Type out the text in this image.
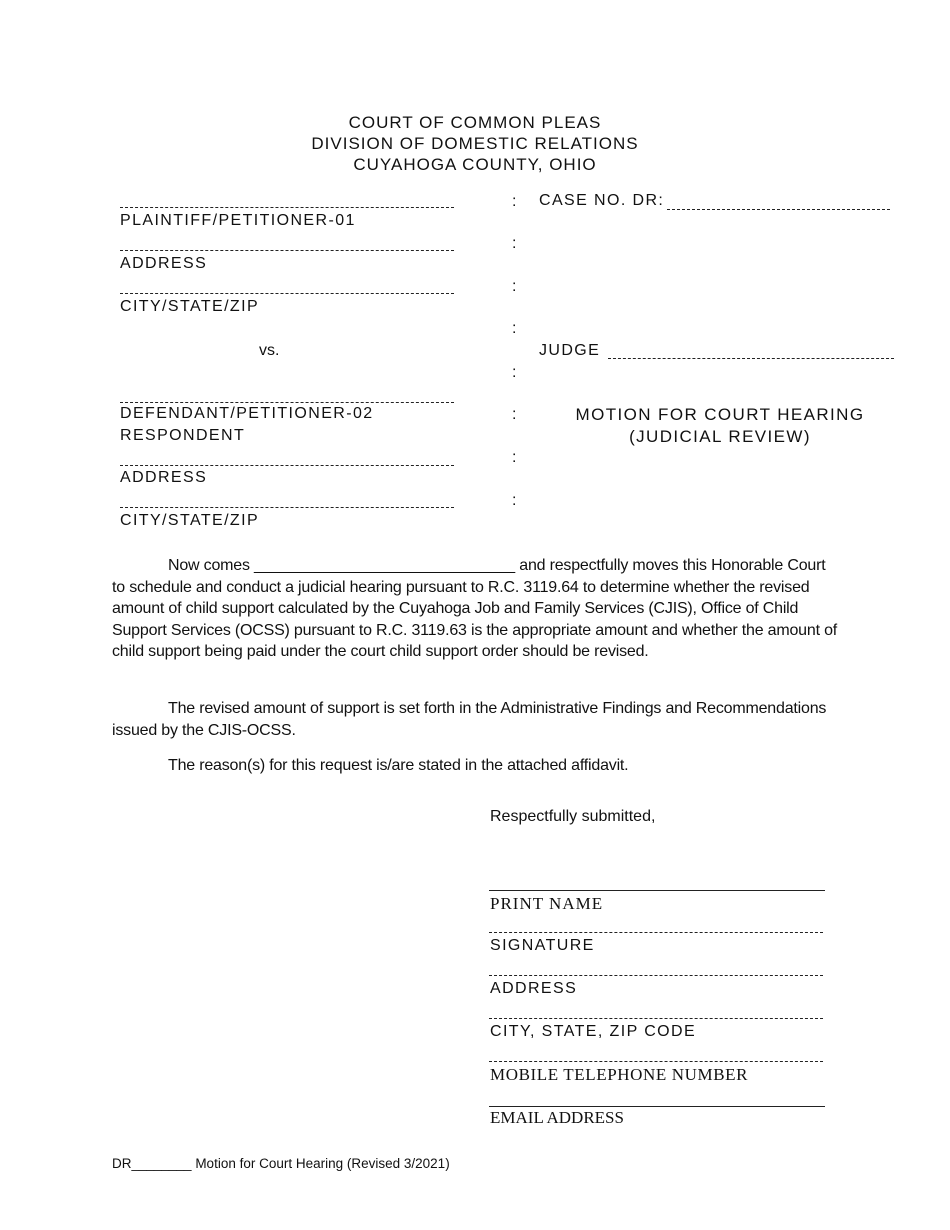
COURT OF COMMON PLEAS
DIVISION OF DOMESTIC RELATIONS
CUYAHOGA COUNTY, OHIO
PLAINTIFF/PETITIONER-01
ADDRESS
CITY/STATE/ZIP
vs.
DEFENDANT/PETITIONER-02
RESPONDENT
ADDRESS
CITY/STATE/ZIP
:
:
:
:
:
:
:
:
CASE NO. DR:
JUDGE
MOTION FOR COURT HEARING
(JUDICIAL REVIEW)

Now comes ______________________________ and respectfully moves this Honorable Court to schedule and conduct a judicial hearing pursuant to R.C. 3119.64 to determine whether the revised amount of child support calculated by the Cuyahoga Job and Family Services (CJIS), Office of Child Support Services (OCSS) pursuant to R.C. 3119.63 is the appropriate amount and whether the amount of child support being paid under the court child support order should be revised.

The revised amount of support is set forth in the Administrative Findings and Recommendations issued by the CJIS-OCSS.

The reason(s) for this request is/are stated in the attached affidavit.

Respectfully submitted,
PRINT NAME
SIGNATURE
ADDRESS
CITY, STATE, ZIP CODE
MOBILE TELEPHONE NUMBER
EMAIL ADDRESS
DR________ Motion for Court Hearing (Revised 3/2021)
